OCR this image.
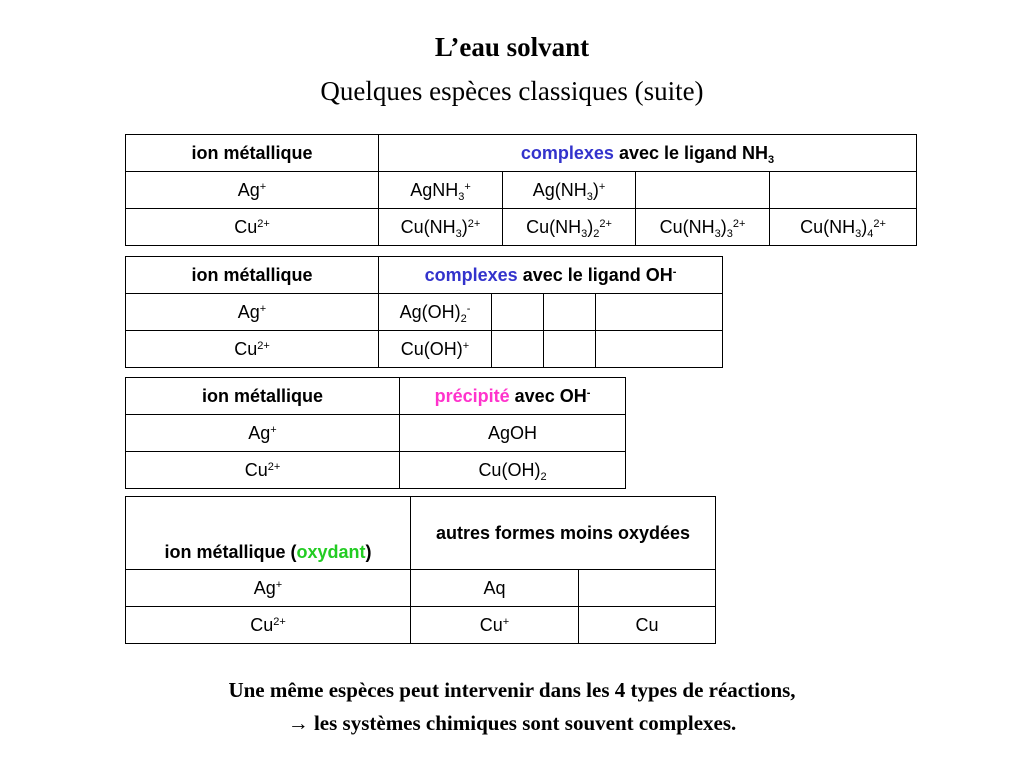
L’eau solvant
Quelques espèces classiques (suite)
ion métallique	complexes avec le ligand $NH_3$
Ag+	AgNH$_3$+	$Ag(NH_3)^+$		
$Cu^{2+}$	$Cu(NH_3)^{2+}$	$Cu(NH_3)_2^{2+}$	$Cu(NH_3)_3^{2+}$	$Cu(NH_3)_4^{2+}$
ion métallique	complexes avec le ligand OH-
Ag+	$Ag(OH)_2^-$			
$Cu^{2+}$	Cu(OH)+			
ion métallique	précipité avec OH-
Ag+	AgOH
$Cu^{2+}$	$Cu(OH)_2$
ion métallique (oxydant)	autres formes moins oxydées	
Ag+	Aq	
$Cu^{2+}$	Cu+	Cu
Une même espèces peut intervenir dans les 4 types de réactions,
→ les systèmes chimiques sont souvent complexes.
